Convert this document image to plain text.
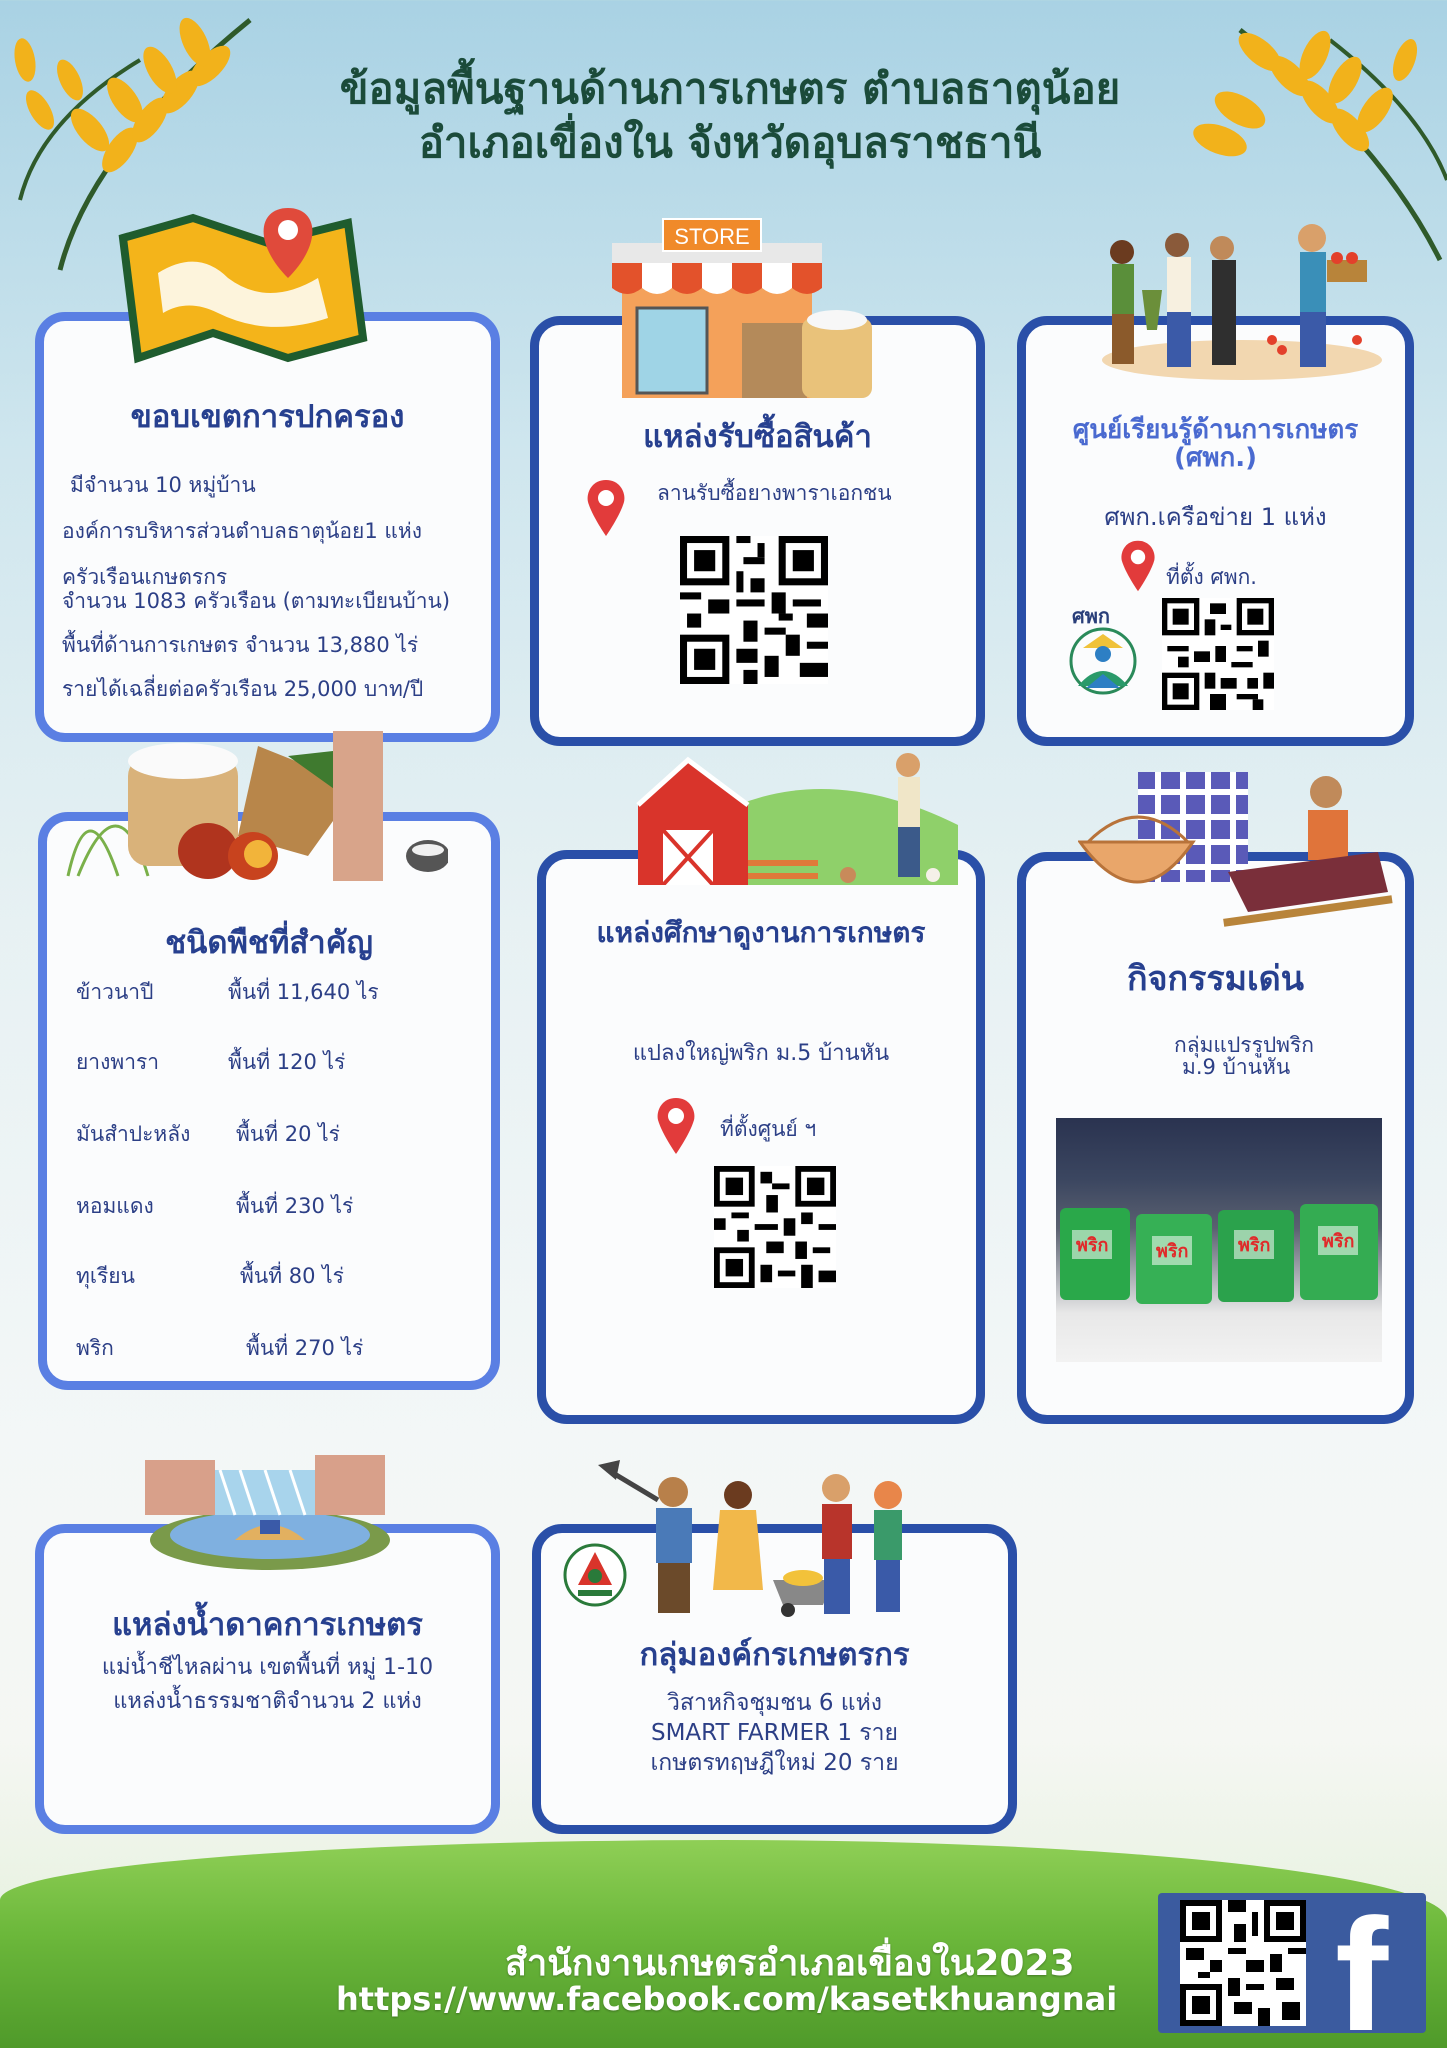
ข้อมูลพื้นฐานด้านการเกษตร ตำบลธาตุน้อย
อำเภอเขื่องใน จังหวัดอุบลราชธานี
ขอบเขตการปกครอง
มีจำนวน 10 หมู่บ้าน
องค์การบริหารส่วนตำบลธาตุน้อย1 แห่ง
ครัวเรือนเกษตรกร
จำนวน 1083 ครัวเรือน (ตามทะเบียนบ้าน)
พื้นที่ด้านการเกษตร จำนวน 13,880 ไร่
รายได้เฉลี่ยต่อครัวเรือน 25,000 บาท/ปี
แหล่งรับซื้อสินค้า
ลานรับซื้อยางพาราเอกชน
STORE
ศูนย์เรียนรู้ด้านการเกษตร
(ศพก.)
ศพก.เครือข่าย 1 แห่ง
ที่ตั้ง ศพก.
ศพก
ชนิดพืชที่สำคัญ
ข้าวนาปี	พื้นที่ 11,640 ไร
ยางพารา	พื้นที่ 120 ไร่
มันสำปะหลัง พื้นที่ 20 ไร่
หอมแดง	พื้นที่ 230 ไร่
ทุเรียน	พื้นที่ 80 ไร่
พริก	พื้นที่ 270 ไร่
แหล่งศึกษาดูงานการเกษตร
แปลงใหญ่พริก ม.5 บ้านหัน
ที่ตั้งศูนย์ ฯ
กิจกรรมเด่น
กลุ่มแปรรูปพริก
ม.9 บ้านหัน
พริก	พริก	พริก	พริก
แหล่งน้ำดาคการเกษตร
แม่น้ำชีไหลผ่าน เขตพื้นที่ หมู่ 1-10
แหล่งน้ำธรรมชาติจำนวน 2 แห่ง
กลุ่มองค์กรเกษตรกร
วิสาหกิจชุมชน 6 แห่ง
SMART FARMER 1 ราย
เกษตรทฤษฎีใหม่ 20 ราย
สำนักงานเกษตรอำเภอเขื่องใน2023
https://www.facebook.com/kasetkhuangnai f
